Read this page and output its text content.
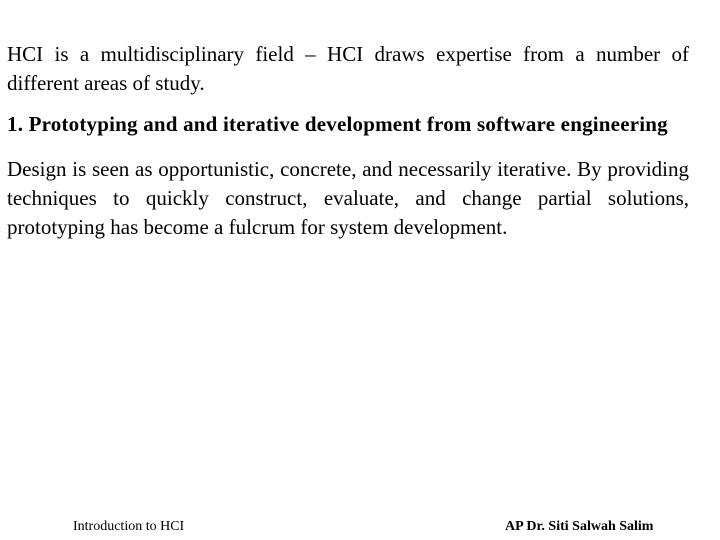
HCI is a multidisciplinary field – HCI draws expertise from a number of different areas of study.

1. Prototyping and and iterative development from software engineering

Design is seen as opportunistic, concrete, and necessarily iterative. By providing techniques to quickly construct, evaluate, and change partial solutions, prototyping has become a fulcrum for system development.

Introduction to HCI	AP Dr. Siti Salwah Salim
